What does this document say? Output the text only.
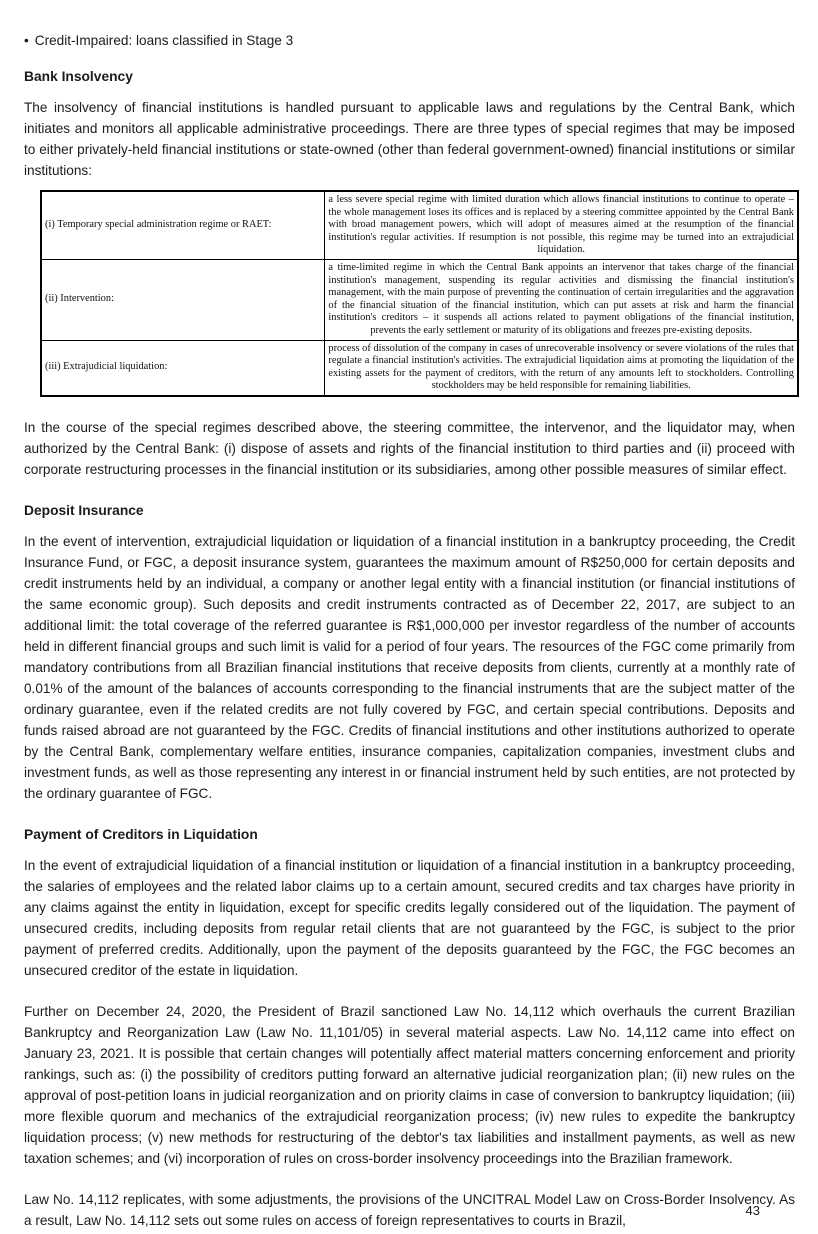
• Credit-Impaired: loans classified in Stage 3

Bank Insolvency

The insolvency of financial institutions is handled pursuant to applicable laws and regulations by the Central Bank, which initiates and monitors all applicable administrative proceedings. There are three types of special regimes that may be imposed to either privately-held financial institutions or state-owned (other than federal government-owned) financial institutions or similar institutions:

(i) Temporary special administration regime or RAET:	a less severe special regime with limited duration which allows financial institutions to continue to operate – the whole management loses its offices and is replaced by a steering committee appointed by the Central Bank with broad management powers, which will adopt of measures aimed at the resumption of the financial institution's regular activities. If resumption is not possible, this regime may be turned into an extrajudicial liquidation.
(ii) Intervention:	a time-limited regime in which the Central Bank appoints an intervenor that takes charge of the financial institution's management, suspending its regular activities and dismissing the financial institution's management, with the main purpose of preventing the continuation of certain irregularities and the aggravation of the financial situation of the financial institution, which can put assets at risk and harm the financial institution's creditors – it suspends all actions related to payment obligations of the financial institution, prevents the early settlement or maturity of its obligations and freezes pre-existing deposits.
(iii) Extrajudicial liquidation:	process of dissolution of the company in cases of unrecoverable insolvency or severe violations of the rules that regulate a financial institution's activities. The extrajudicial liquidation aims at promoting the liquidation of the existing assets for the payment of creditors, with the return of any amounts left to stockholders. Controlling stockholders may be held responsible for remaining liabilities.

In the course of the special regimes described above, the steering committee, the intervenor, and the liquidator may, when authorized by the Central Bank: (i) dispose of assets and rights of the financial institution to third parties and (ii) proceed with corporate restructuring processes in the financial institution or its subsidiaries, among other possible measures of similar effect.

Deposit Insurance

In the event of intervention, extrajudicial liquidation or liquidation of a financial institution in a bankruptcy proceeding, the Credit Insurance Fund, or FGC, a deposit insurance system, guarantees the maximum amount of R$250,000 for certain deposits and credit instruments held by an individual, a company or another legal entity with a financial institution (or financial institutions of the same economic group). Such deposits and credit instruments contracted as of December 22, 2017, are subject to an additional limit: the total coverage of the referred guarantee is R$1,000,000 per investor regardless of the number of accounts held in different financial groups and such limit is valid for a period of four years. The resources of the FGC come primarily from mandatory contributions from all Brazilian financial institutions that receive deposits from clients, currently at a monthly rate of 0.01% of the amount of the balances of accounts corresponding to the financial instruments that are the subject matter of the ordinary guarantee, even if the related credits are not fully covered by FGC, and certain special contributions. Deposits and funds raised abroad are not guaranteed by the FGC. Credits of financial institutions and other institutions authorized to operate by the Central Bank, complementary welfare entities, insurance companies, capitalization companies, investment clubs and investment funds, as well as those representing any interest in or financial instrument held by such entities, are not protected by the ordinary guarantee of FGC.

Payment of Creditors in Liquidation

In the event of extrajudicial liquidation of a financial institution or liquidation of a financial institution in a bankruptcy proceeding, the salaries of employees and the related labor claims up to a certain amount, secured credits and tax charges have priority in any claims against the entity in liquidation, except for specific credits legally considered out of the liquidation. The payment of unsecured credits, including deposits from regular retail clients that are not guaranteed by the FGC, is subject to the prior payment of preferred credits. Additionally, upon the payment of the deposits guaranteed by the FGC, the FGC becomes an unsecured creditor of the estate in liquidation.

Further on December 24, 2020, the President of Brazil sanctioned Law No. 14,112 which overhauls the current Brazilian Bankruptcy and Reorganization Law (Law No. 11,101/05) in several material aspects. Law No. 14,112 came into effect on January 23, 2021. It is possible that certain changes will potentially affect material matters concerning enforcement and priority rankings, such as: (i) the possibility of creditors putting forward an alternative judicial reorganization plan; (ii) new rules on the approval of post-petition loans in judicial reorganization and on priority claims in case of conversion to bankruptcy liquidation; (iii) more flexible quorum and mechanics of the extrajudicial reorganization process; (iv) new rules to expedite the bankruptcy liquidation process; (v) new methods for restructuring of the debtor's tax liabilities and installment payments, as well as new taxation schemes; and (vi) incorporation of rules on cross-border insolvency proceedings into the Brazilian framework.

Law No. 14,112 replicates, with some adjustments, the provisions of the UNCITRAL Model Law on Cross-Border Insolvency. As a result, Law No. 14,112 sets out some rules on access of foreign representatives to courts in Brazil,

43
